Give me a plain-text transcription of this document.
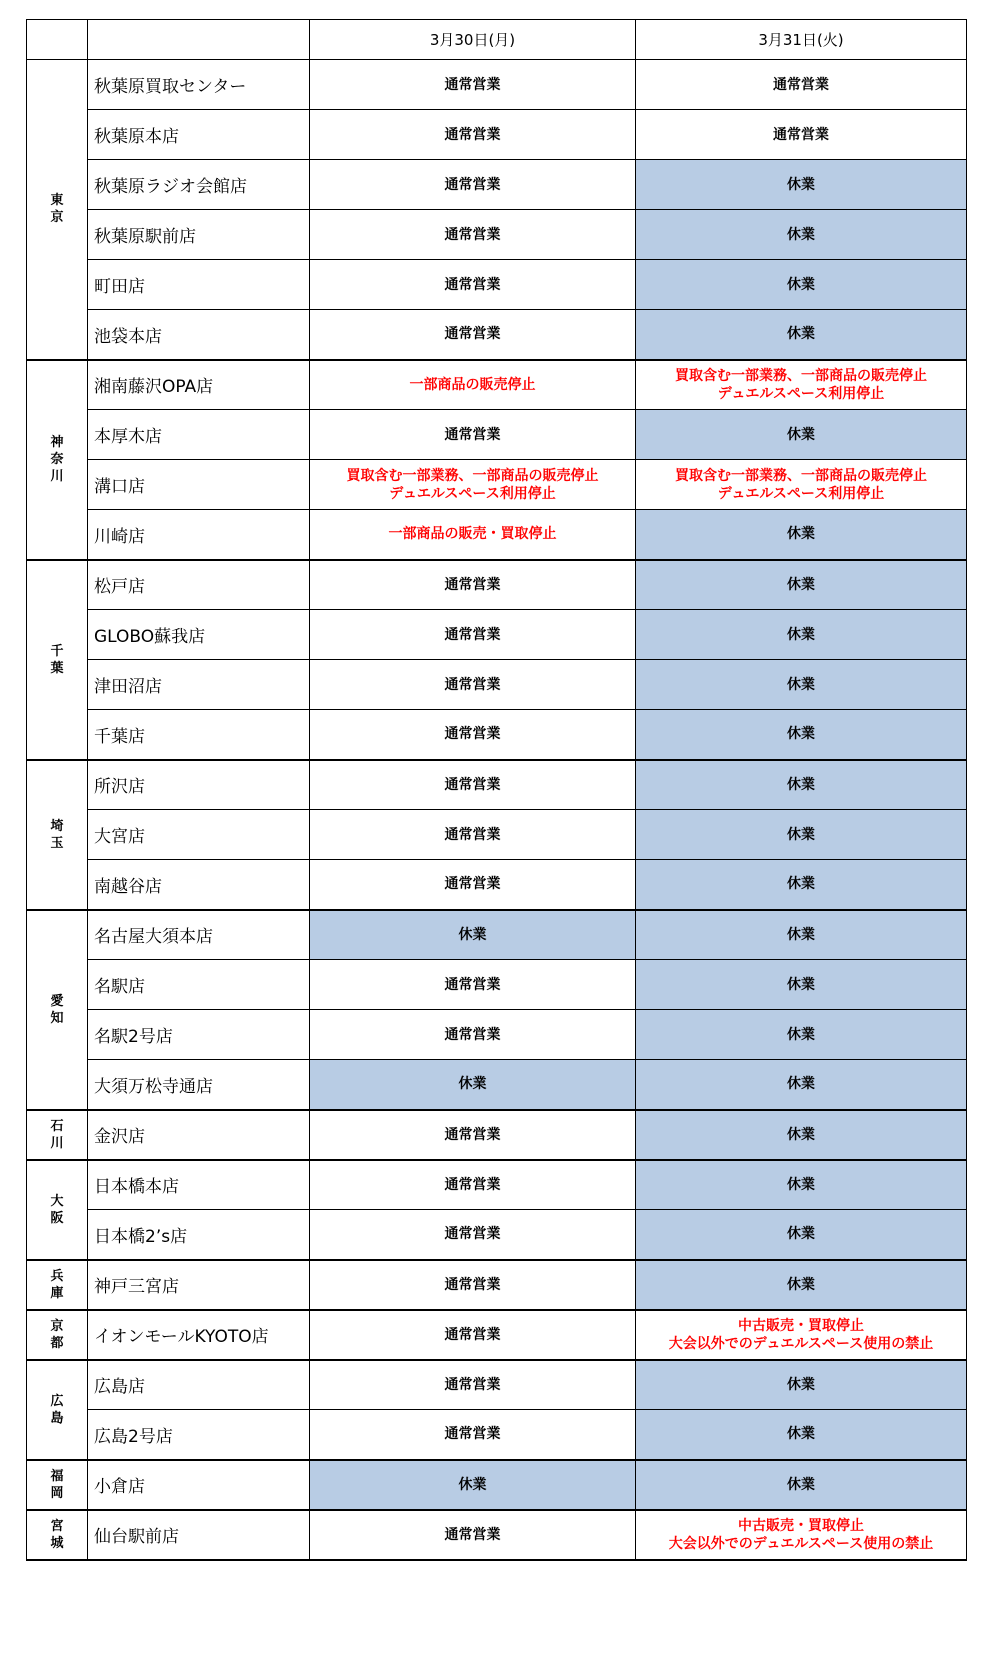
		3月30日(月)	3月31日(火)

東
京	秋葉原買取センター	通常営業	通常営業

	秋葉原本店	通常営業	通常営業

	秋葉原ラジオ会館店	通常営業	休業

	秋葉原駅前店	通常営業	休業

	町田店	通常営業	休業

	池袋本店	通常営業	休業

神
奈
川	湘南藤沢OPA店	一部商品の販売停止	買取含む一部業務、一部商品の販売停止
デュエルスペース利用停止

	本厚木店	通常営業	休業

	溝口店	買取含む一部業務、一部商品の販売停止
デュエルスペース利用停止	買取含む一部業務、一部商品の販売停止
デュエルスペース利用停止

	川崎店	一部商品の販売・買取停止	休業

千
葉	松戸店	通常営業	休業

	GLOBO蘇我店	通常営業	休業

	津田沼店	通常営業	休業

	千葉店	通常営業	休業

埼
玉	所沢店	通常営業	休業

	大宮店	通常営業	休業

	南越谷店	通常営業	休業

愛
知	名古屋大須本店	休業	休業

	名駅店	通常営業	休業

	名駅2号店	通常営業	休業

	大須万松寺通店	休業	休業

石
川	金沢店	通常営業	休業

大
阪	日本橋本店	通常営業	休業

	日本橋2’s店	通常営業	休業

兵
庫	神戸三宮店	通常営業	休業

京
都	イオンモールKYOTO店	通常営業	中古販売・買取停止
大会以外でのデュエルスペース使用の禁止

広
島	広島店	通常営業	休業

	広島2号店	通常営業	休業

福
岡	小倉店	休業	休業

宮
城	仙台駅前店	通常営業	中古販売・買取停止
大会以外でのデュエルスペース使用の禁止
